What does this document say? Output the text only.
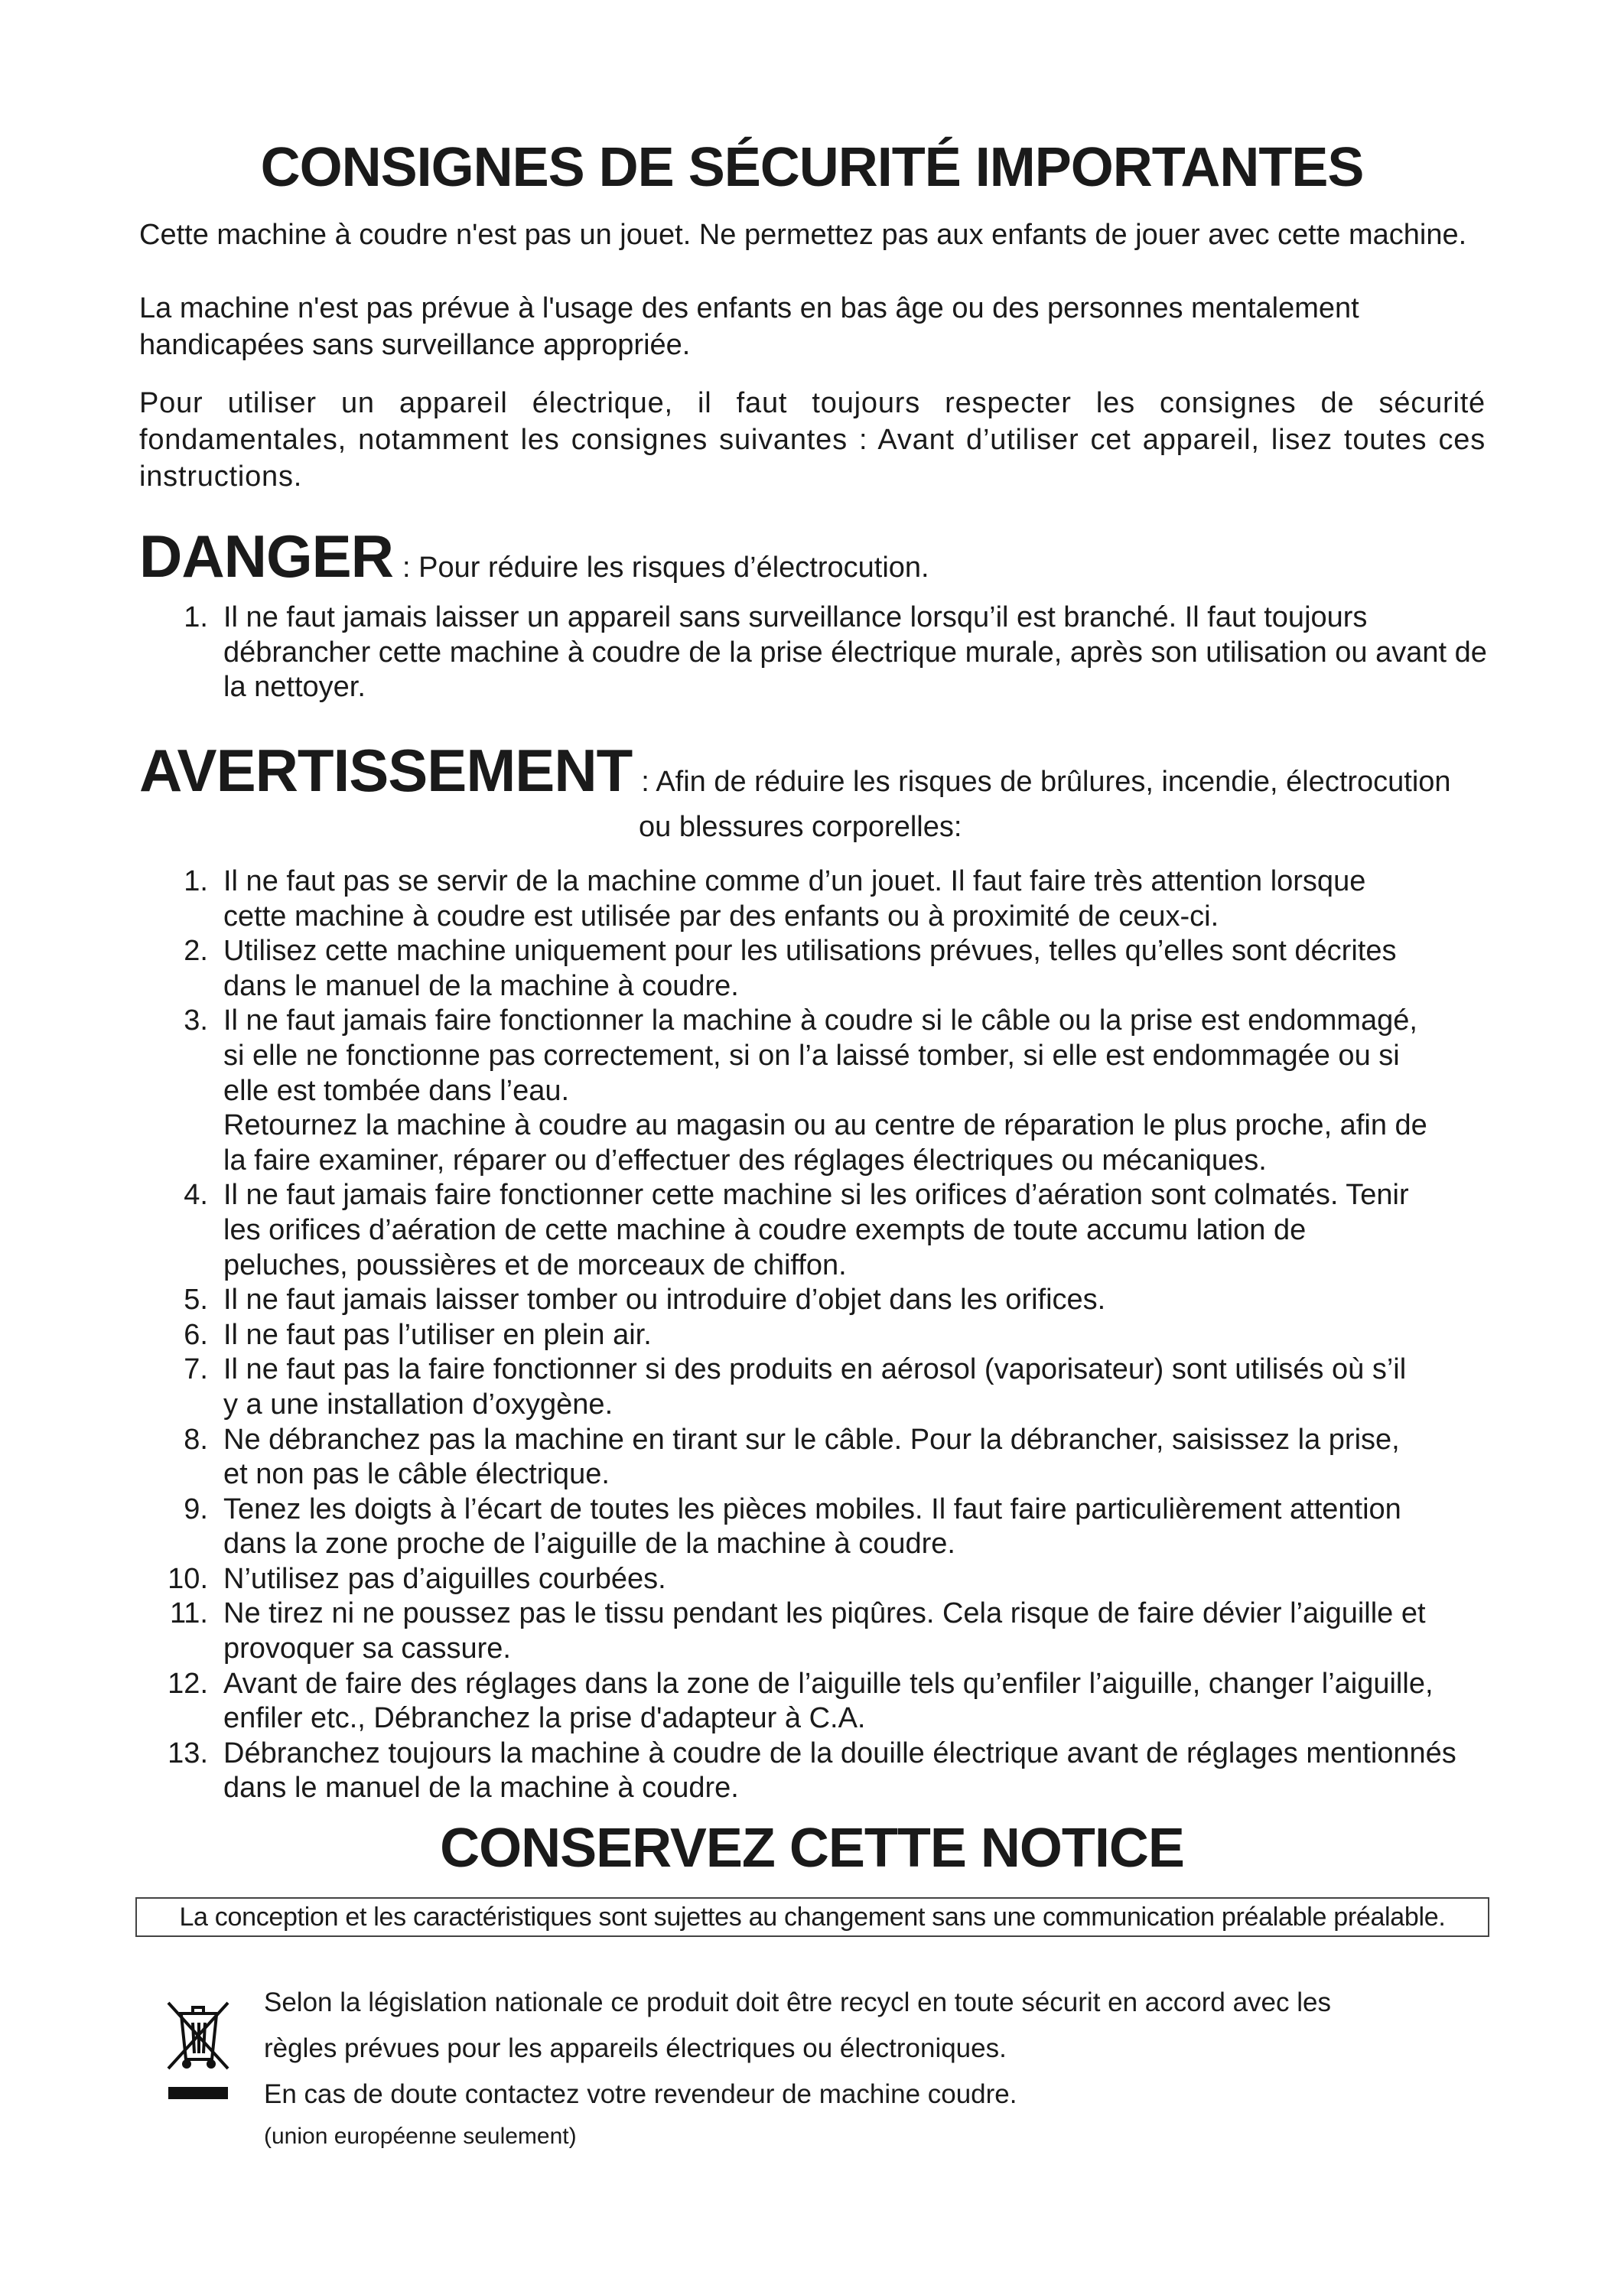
CONSIGNES DE SÉCURITÉ IMPORTANTES

Cette machine à coudre n'est pas un jouet. Ne permettez pas aux enfants de jouer avec cette machine.

La machine n'est pas prévue à l'usage des enfants en bas âge ou des personnes mentalement handicapées sans surveillance appropriée.

Pour utiliser un appareil électrique, il faut toujours respecter les consignes de sécurité fondamentales, notamment les consignes suivantes : Avant d’utiliser cet appareil, lisez toutes ces instructions.

DANGER : Pour réduire les risques d’électrocution.
1. Il ne faut jamais laisser un appareil sans surveillance lorsqu’il est branché. Il faut toujours débrancher cette machine à coudre de la prise électrique murale, après son utilisation ou avant de la nettoyer.
AVERTISSEMENT : Afin de réduire les risques de brûlures, incendie, électrocution

ou blessures corporelles:

1. Il ne faut pas se servir de la machine comme d’un jouet. Il faut faire très attention lorsque
cette machine à coudre est utilisée par des enfants ou à proximité de ceux-ci.
2. Utilisez cette machine uniquement pour les utilisations prévues, telles qu’elles sont décrites
dans le manuel de la machine à coudre.
3. Il ne faut jamais faire fonctionner la machine à coudre si le câble ou la prise est endommagé,
si elle ne fonctionne pas correctement, si on l’a laissé tomber, si elle est endommagée ou si
elle est tombée dans l’eau.
Retournez la machine à coudre au magasin ou au centre de réparation le plus proche, afin de
la faire examiner, réparer ou d’effectuer des réglages électriques ou mécaniques.
4. Il ne faut jamais faire fonctionner cette machine si les orifices d’aération sont colmatés. Tenir
les orifices d’aération de cette machine à coudre exempts de toute accumu lation de
peluches, poussières et de morceaux de chiffon.
5. Il ne faut jamais laisser tomber ou introduire d’objet dans les orifices.
6. Il ne faut pas l’utiliser en plein air.
7. Il ne faut pas la faire fonctionner si des produits en aérosol (vaporisateur) sont utilisés où s’il
y a une installation d’oxygène.
8. Ne débranchez pas la machine en tirant sur le câble. Pour la débrancher, saisissez la prise,
et non pas le câble électrique.
9. Tenez les doigts à l’écart de toutes les pièces mobiles. Il faut faire particulièrement attention
dans la zone proche de l’aiguille de la machine à coudre.
10. N’utilisez pas d’aiguilles courbées.
11. Ne tirez ni ne poussez pas le tissu pendant les piqûres. Cela risque de faire dévier l’aiguille et
provoquer sa cassure.
12. Avant de faire des réglages dans la zone de l’aiguille tels qu’enfiler l’aiguille, changer l’aiguille,
enfiler etc., Débranchez la prise d'adapteur à C.A.
13. Débranchez toujours la machine à coudre de la douille électrique avant de réglages mentionnés
dans le manuel de la machine à coudre.
CONSERVEZ CETTE NOTICE
La conception et les caractéristiques sont sujettes au changement sans une communication préalable préalable.

Selon la législation nationale ce produit doit être recycl en toute sécurit en accord avec les

règles prévues pour les appareils électriques ou électroniques.

En cas de doute contactez votre revendeur de machine coudre.

(union européenne seulement)
